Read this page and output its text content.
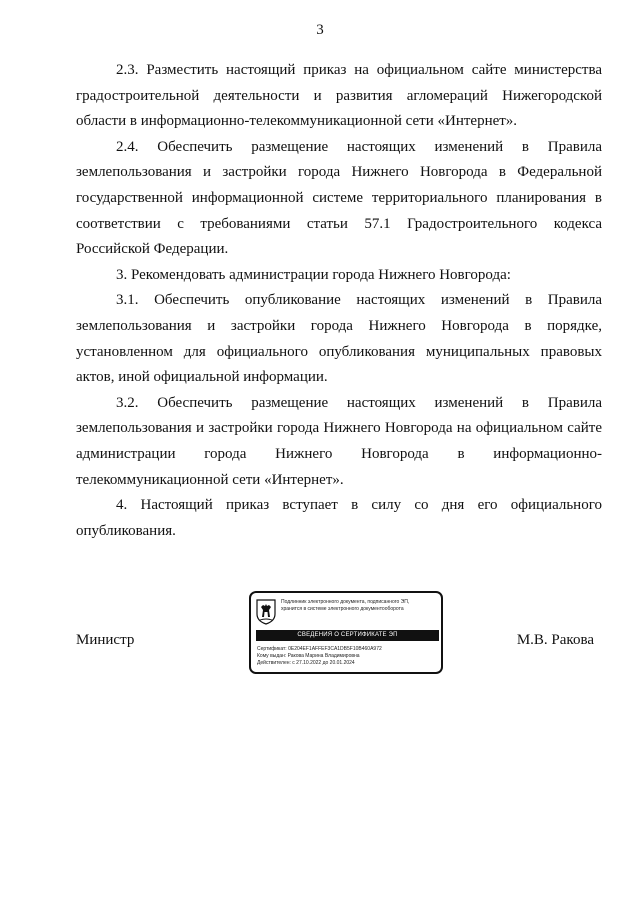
3

2.3. Разместить настоящий приказ на официальном сайте министерства градостроительной деятельности и развития агломераций Нижегородской области в информационно-телекоммуникационной сети «Интернет».

2.4. Обеспечить размещение настоящих изменений в Правила землепользования и застройки города Нижнего Новгорода в Федеральной государственной информационной системе территориального планирования в соответствии с требованиями статьи 57.1 Градостроительного кодекса Российской Федерации.

3. Рекомендовать администрации города Нижнего Новгорода:

3.1. Обеспечить опубликование настоящих изменений в Правила землепользования и застройки города Нижнего Новгорода в порядке, установленном для официального опубликования муниципальных правовых актов, иной официальной информации.

3.2. Обеспечить размещение настоящих изменений в Правила землепользования и застройки города Нижнего Новгорода на официальном сайте администрации города Нижнего Новгорода в информационно-телекоммуникационной сети «Интернет».

4. Настоящий приказ вступает в силу со дня его официального опубликования.

Министр	М.В. Ракова
Подлинник электронного документа, подписанного ЭП,
хранится в системе электронного документооборота
СВЕДЕНИЯ О СЕРТИФИКАТЕ ЭП
Сертификат: 0E204EF1AFFEF3CA1DB5F10B460A972
Кому выдан: Ракова Марина Владимировна
Действителен: с 27.10.2022 до 20.01.2024
